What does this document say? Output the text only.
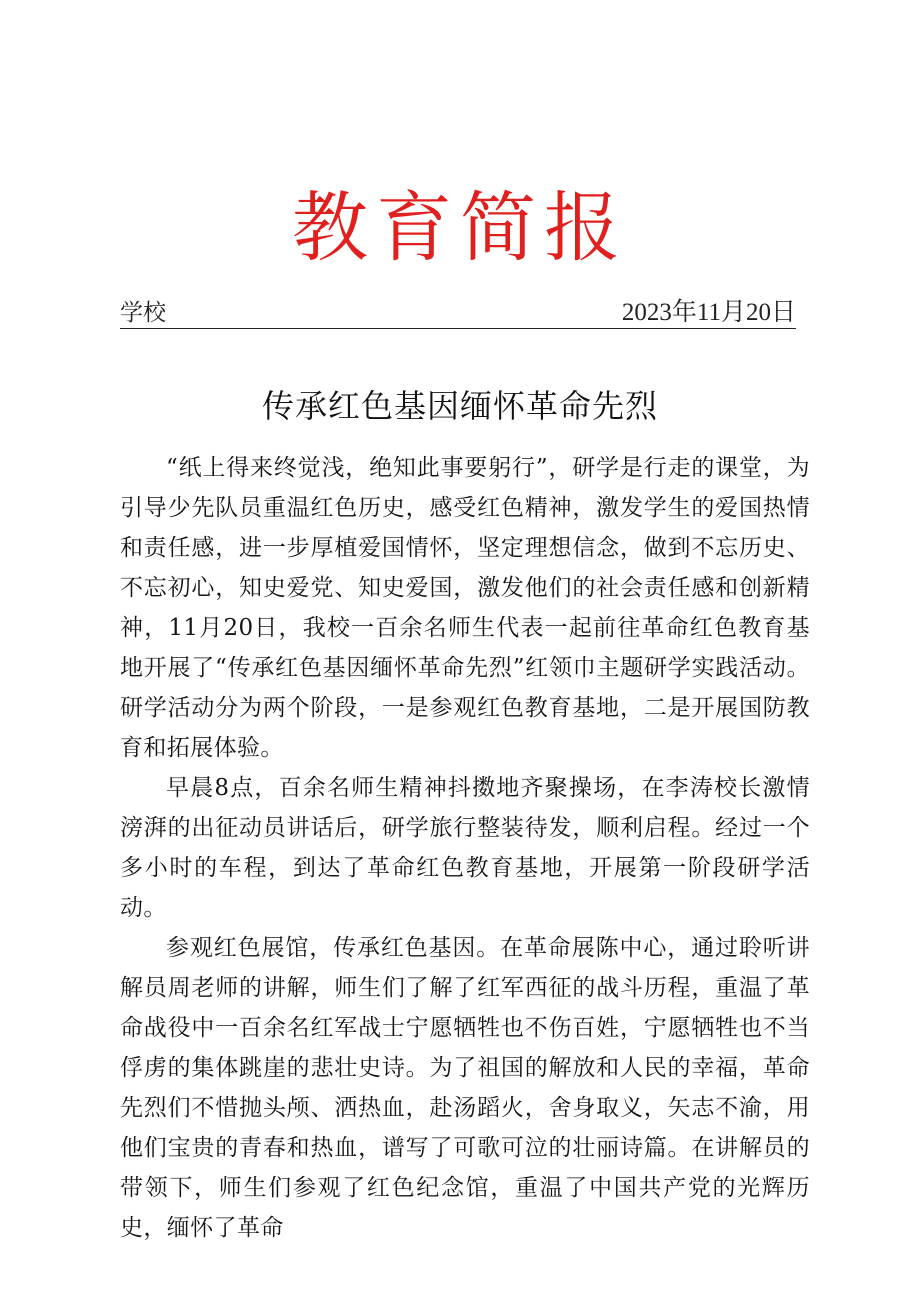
教育简报
学校	2023年11月20日
传承红色基因缅怀革命先烈

“纸上得来终觉浅，绝知此事要躬行”，研学是行走的课堂，为引导少先队员重温红色历史，感受红色精神，激发学生的爱国热情和责任感，进一步厚植爱国情怀，坚定理想信念，做到不忘历史、不忘初心，知史爱党、知史爱国，激发他们的社会责任感和创新精神，11月20日，我校一百余名师生代表一起前往革命红色教育基地开展了“传承红色基因缅怀革命先烈”红领巾主题研学实践活动。研学活动分为两个阶段，一是参观红色教育基地，二是开展国防教育和拓展体验。

早晨8点，百余名师生精神抖擞地齐聚操场，在李涛校长激情滂湃的出征动员讲话后，研学旅行整装待发，顺利启程。经过一个多小时的车程，到达了革命红色教育基地，开展第一阶段研学活动。

参观红色展馆，传承红色基因。在革命展陈中心，通过聆听讲解员周老师的讲解，师生们了解了红军西征的战斗历程，重温了革命战役中一百余名红军战士宁愿牺牲也不伤百姓，宁愿牺牲也不当俘虏的集体跳崖的悲壮史诗。为了祖国的解放和人民的幸福，革命先烈们不惜抛头颅、洒热血，赴汤蹈火，舍身取义，矢志不渝，用他们宝贵的青春和热血，谱写了可歌可泣的壮丽诗篇。在讲解员的带领下，师生们参观了红色纪念馆，重温了中国共产党的光辉历史，缅怀了革命
